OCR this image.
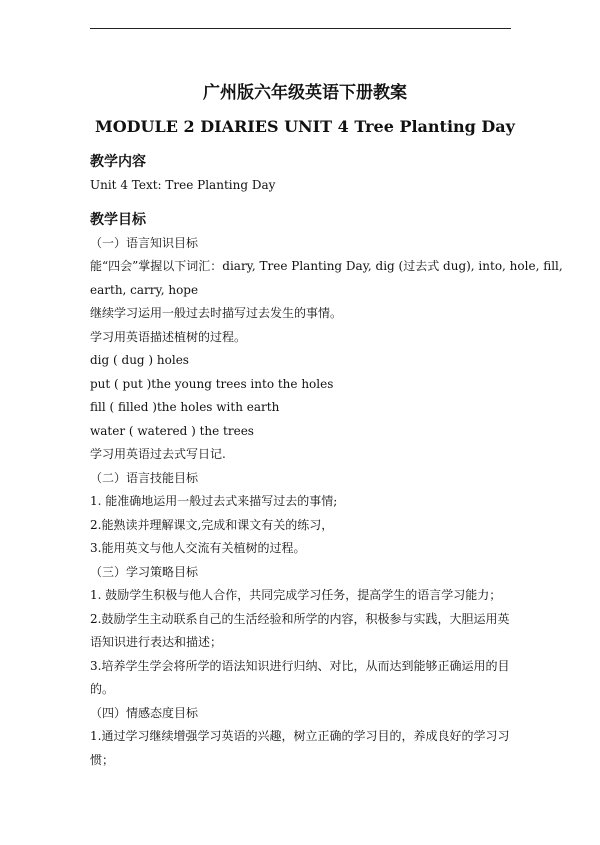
广州版六年级英语下册教案
MODULE 2 DIARIES UNIT 4 Tree Planting Day
教学内容
Unit 4 Text: Tree Planting Day
教学目标
（一）语言知识目标
能“四会”掌握以下词汇：diary, Tree Planting Day, dig (过去式 dug), into, hole, fill,
earth, carry, hope
继续学习运用一般过去时描写过去发生的事情。
学习用英语描述植树的过程。
dig ( dug ) holes
put ( put )the young trees into the holes
fill ( filled )the holes with earth
water ( watered ) the trees
学习用英语过去式写日记.
（二）语言技能目标
1. 能准确地运用一般过去式来描写过去的事情;
2.能熟读并理解课文,完成和课文有关的练习，
3.能用英文与他人交流有关植树的过程。
（三）学习策略目标
1. 鼓励学生积极与他人合作，共同完成学习任务，提高学生的语言学习能力；
2.鼓励学生主动联系自己的生活经验和所学的内容，积极参与实践，大胆运用英
语知识进行表达和描述；
3.培养学生学会将所学的语法知识进行归纳、对比，从而达到能够正确运用的目
的。
（四）情感态度目标
1.通过学习继续增强学习英语的兴趣，树立正确的学习目的，养成良好的学习习
惯；
